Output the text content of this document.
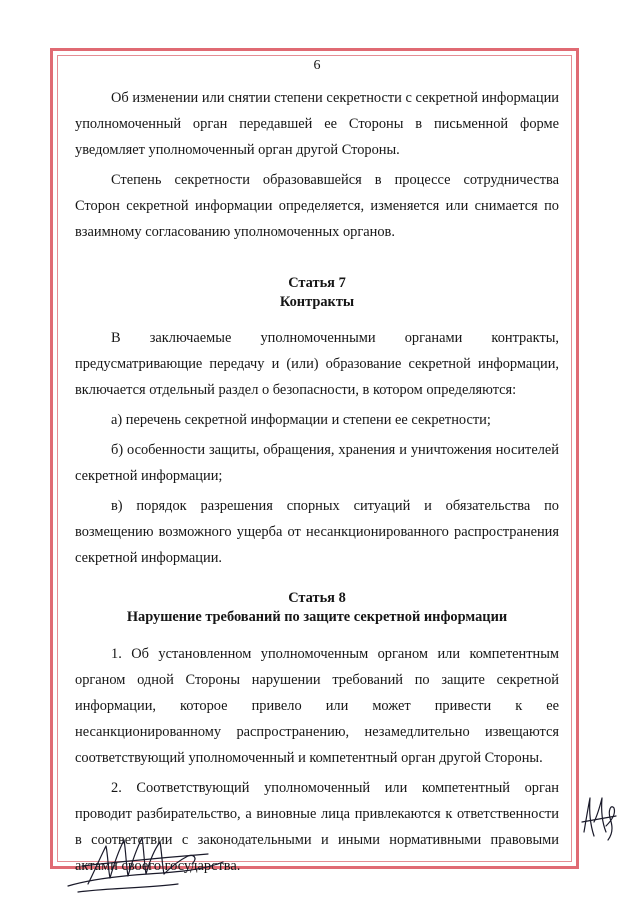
6

Об изменении или снятии степени секретности с секретной информации уполномоченный орган передавшей ее Стороны в письменной форме уведомляет уполномоченный орган другой Стороны.

Степень секретности образовавшейся в процессе сотрудничества Сторон секретной информации определяется, изменяется или снимается по взаимному согласованию уполномоченных органов.

Статья 7
Контракты

В заключаемые уполномоченными органами контракты, предусматривающие передачу и (или) образование секретной информации, включается отдельный раздел о безопасности, в котором определяются:

а) перечень секретной информации и степени ее секретности;

б) особенности защиты, обращения, хранения и уничтожения носителей секретной информации;

в) порядок разрешения спорных ситуаций и обязательства по возмещению возможного ущерба от несанкционированного распространения секретной информации.

Статья 8
Нарушение требований по защите секретной информации

1. Об установленном уполномоченным органом или компетентным органом одной Стороны нарушении требований по защите секретной информации, которое привело или может привести к ее несанкционированному распространению, незамедлительно извещаются соответствующий уполномоченный и компетентный орган другой Стороны.

2. Соответствующий уполномоченный или компетентный орган проводит разбирательство, а виновные лица привлекаются к ответственности в соответствии с законодательными и иными нормативными правовыми актами своего государства.
